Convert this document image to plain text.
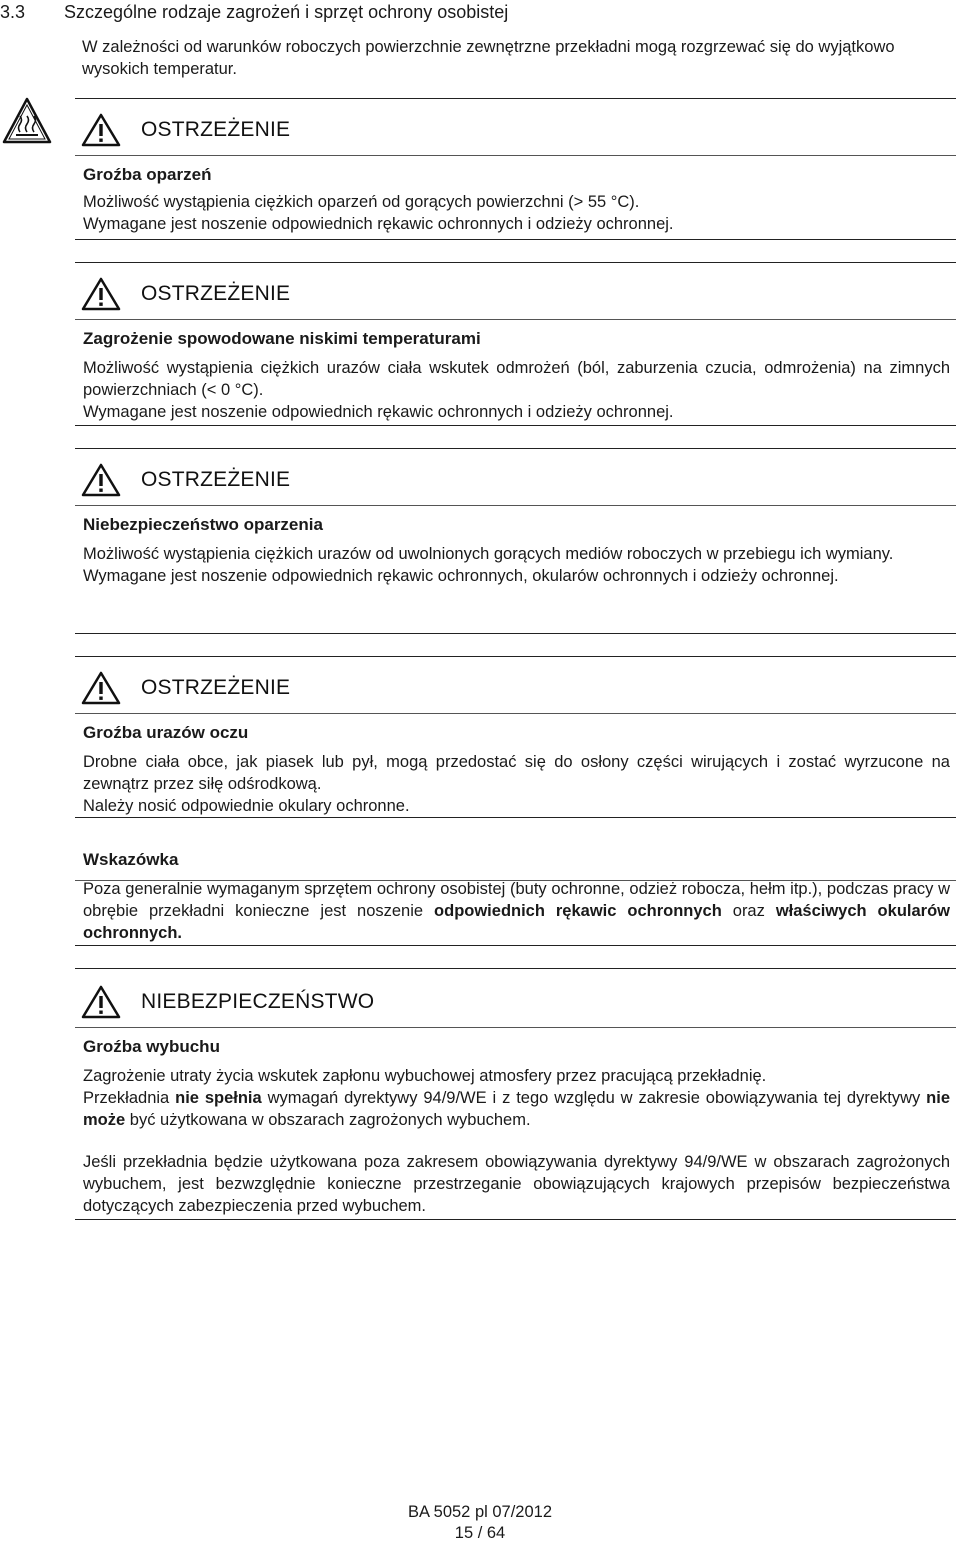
3.3 Szczególne rodzaje zagrożeń i sprzęt ochrony osobistej
W zależności od warunków roboczych powierzchnie zewnętrzne przekładni mogą rozgrzewać się do wyjątkowo wysokich temperatur.
OSTRZEŻENIE
Groźba oparzeń

Możliwość wystąpienia ciężkich oparzeń od gorących powierzchni (> 55 °C).

Wymagane jest noszenie odpowiednich rękawic ochronnych i odzieży ochronnej.

OSTRZEŻENIE
Zagrożenie spowodowane niskimi temperaturami

Możliwość wystąpienia ciężkich urazów ciała wskutek odmrożeń (ból, zaburzenia czucia, odmrożenia) na zimnych powierzchniach (< 0 °C).

Wymagane jest noszenie odpowiednich rękawic ochronnych i odzieży ochronnej.

OSTRZEŻENIE
Niebezpieczeństwo oparzenia

Możliwość wystąpienia ciężkich urazów od uwolnionych gorących mediów roboczych w przebiegu ich wymiany.

Wymagane jest noszenie odpowiednich rękawic ochronnych, okularów ochronnych i odzieży ochronnej.

OSTRZEŻENIE
Groźba urazów oczu

Drobne ciała obce, jak piasek lub pył, mogą przedostać się do osłony części wirujących i zostać wyrzucone na zewnątrz przez siłę odśrodkową.

Należy nosić odpowiednie okulary ochronne.

Wskazówka

Poza generalnie wymaganym sprzętem ochrony osobistej (buty ochronne, odzież robocza, hełm itp.), podczas pracy w obrębie przekładni konieczne jest noszenie odpowiednich rękawic ochronnych oraz właściwych okularów ochronnych.

NIEBEZPIECZEŃSTWO
Groźba wybuchu

Zagrożenie utraty życia wskutek zapłonu wybuchowej atmosfery przez pracującą przekładnię.

Przekładnia nie spełnia wymagań dyrektywy 94/9/WE i z tego względu w zakresie obowiązywania tej dyrektywy nie może być użytkowana w obszarach zagrożonych wybuchem.

Jeśli przekładnia będzie użytkowana poza zakresem obowiązywania dyrektywy 94/9/WE w obszarach zagrożonych wybuchem, jest bezwzględnie konieczne przestrzeganie obowiązujących krajowych przepisów bezpieczeństwa dotyczących zabezpieczenia przed wybuchem.

BA 5052 pl 07/2012
15 / 64
